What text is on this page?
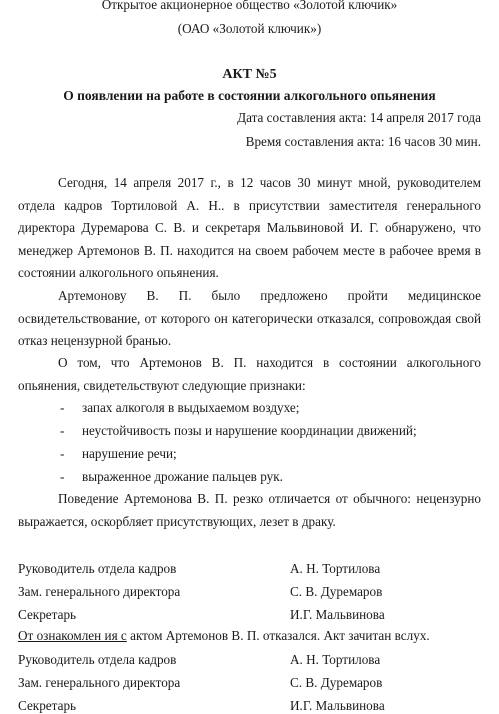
Открытое акционерное общество «Золотой ключик»
(ОАО «Золотой ключик»)
АКТ №5
О появлении на работе в состоянии алкогольного опьянения
Дата составления акта: 14 апреля 2017 года
Время составления акта: 16 часов 30 мин.

Сегодня, 14 апреля 2017 г., в 12 часов 30 минут мной, руководителем отдела кадров Тортиловой А. Н.. в присутствии заместителя генерального директора Дуремарова С. В. и секретаря Мальвиновой И. Г. обнаружено, что менеджер Артемонов В. П. находится на своем рабочем месте в рабочее время в состоянии алкогольного опьянения.

Артемонову В. П. было предложено пройти медицинское освидетельствование, от которого он категорически отказался, сопровождая свой отказ нецензурной бранью.

О том, что Артемонов В. П. находится в состоянии алкогольного опьянения, свидетельствуют следующие признаки:

- запах алкоголя в выдыхаемом воздухе;
- неустойчивость позы и нарушение координации движений;
- нарушение речи;
- выраженное дрожание пальцев рук.

Поведение Артемонова В. П. резко отличается от обычного: нецензурно выражается, оскорбляет присутствующих, лезет в драку.

Руководитель отдела кадров	А. Н. Тортилова
Зам. генерального директора	С. В. Дуремаров
Секретарь	И.Г. Мальвинова
От ознакомлен ия с актом Артемонов В. П. отказался. Акт зачитан вслух.
Руководитель отдела кадров	А. Н. Тортилова
Зам. генерального директора	С. В. Дуремаров
Секретарь	И.Г. Мальвинова
